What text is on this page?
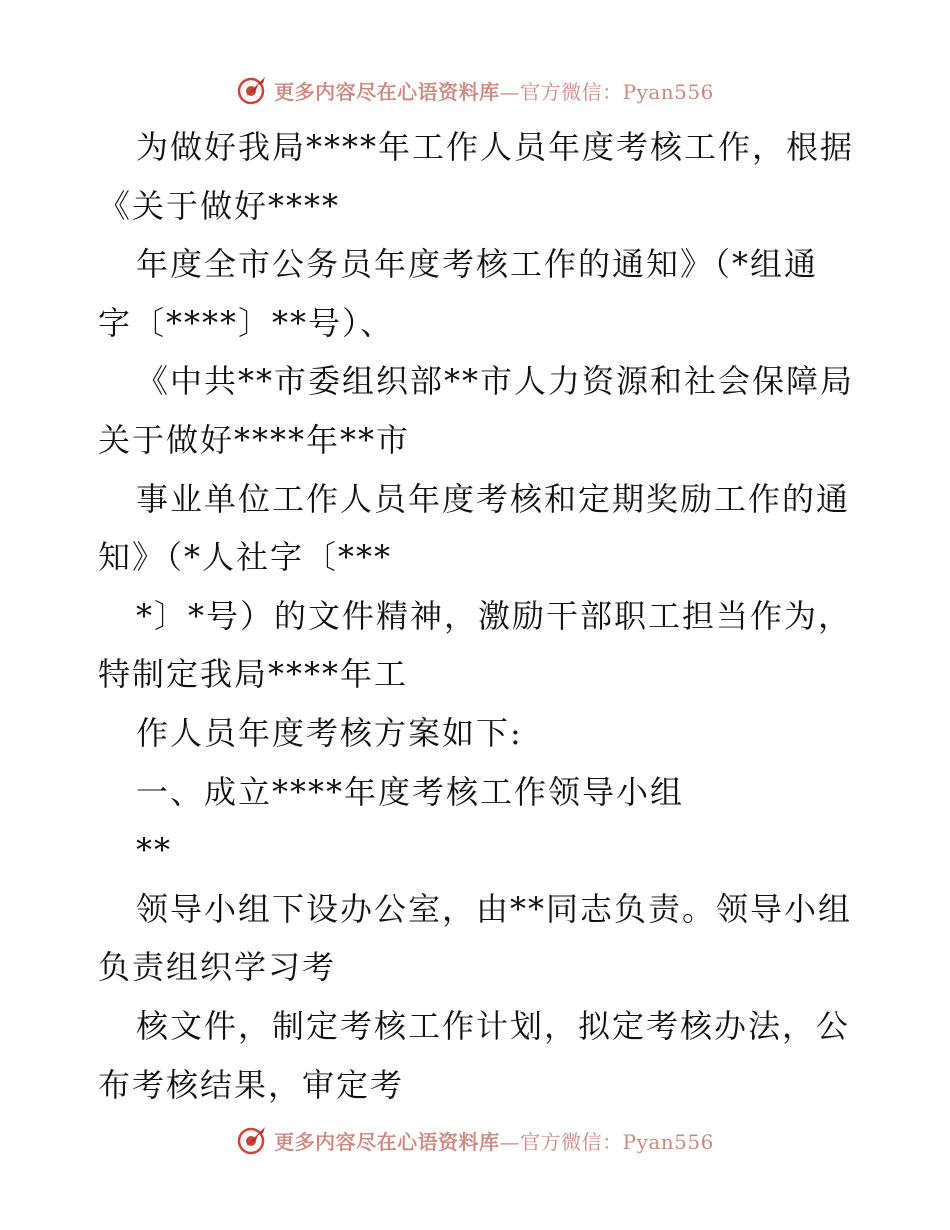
更多内容尽在心语资料库—官方微信：Pyan556
为做好我局****年工作人员年度考核工作，根据
《关于做好****
年度全市公务员年度考核工作的通知》（*组通
字〔****〕**号）、
《中共**市委组织部**市人力资源和社会保障局
关于做好****年**市
事业单位工作人员年度考核和定期奖励工作的通
知》（*人社字〔***
*〕*号）的文件精神，激励干部职工担当作为，
特制定我局****年工
作人员年度考核方案如下:
一、成立****年度考核工作领导小组
**
领导小组下设办公室，由**同志负责。领导小组
负责组织学习考
核文件，制定考核工作计划，拟定考核办法，公
布考核结果，审定考
更多内容尽在心语资料库—官方微信：Pyan556
